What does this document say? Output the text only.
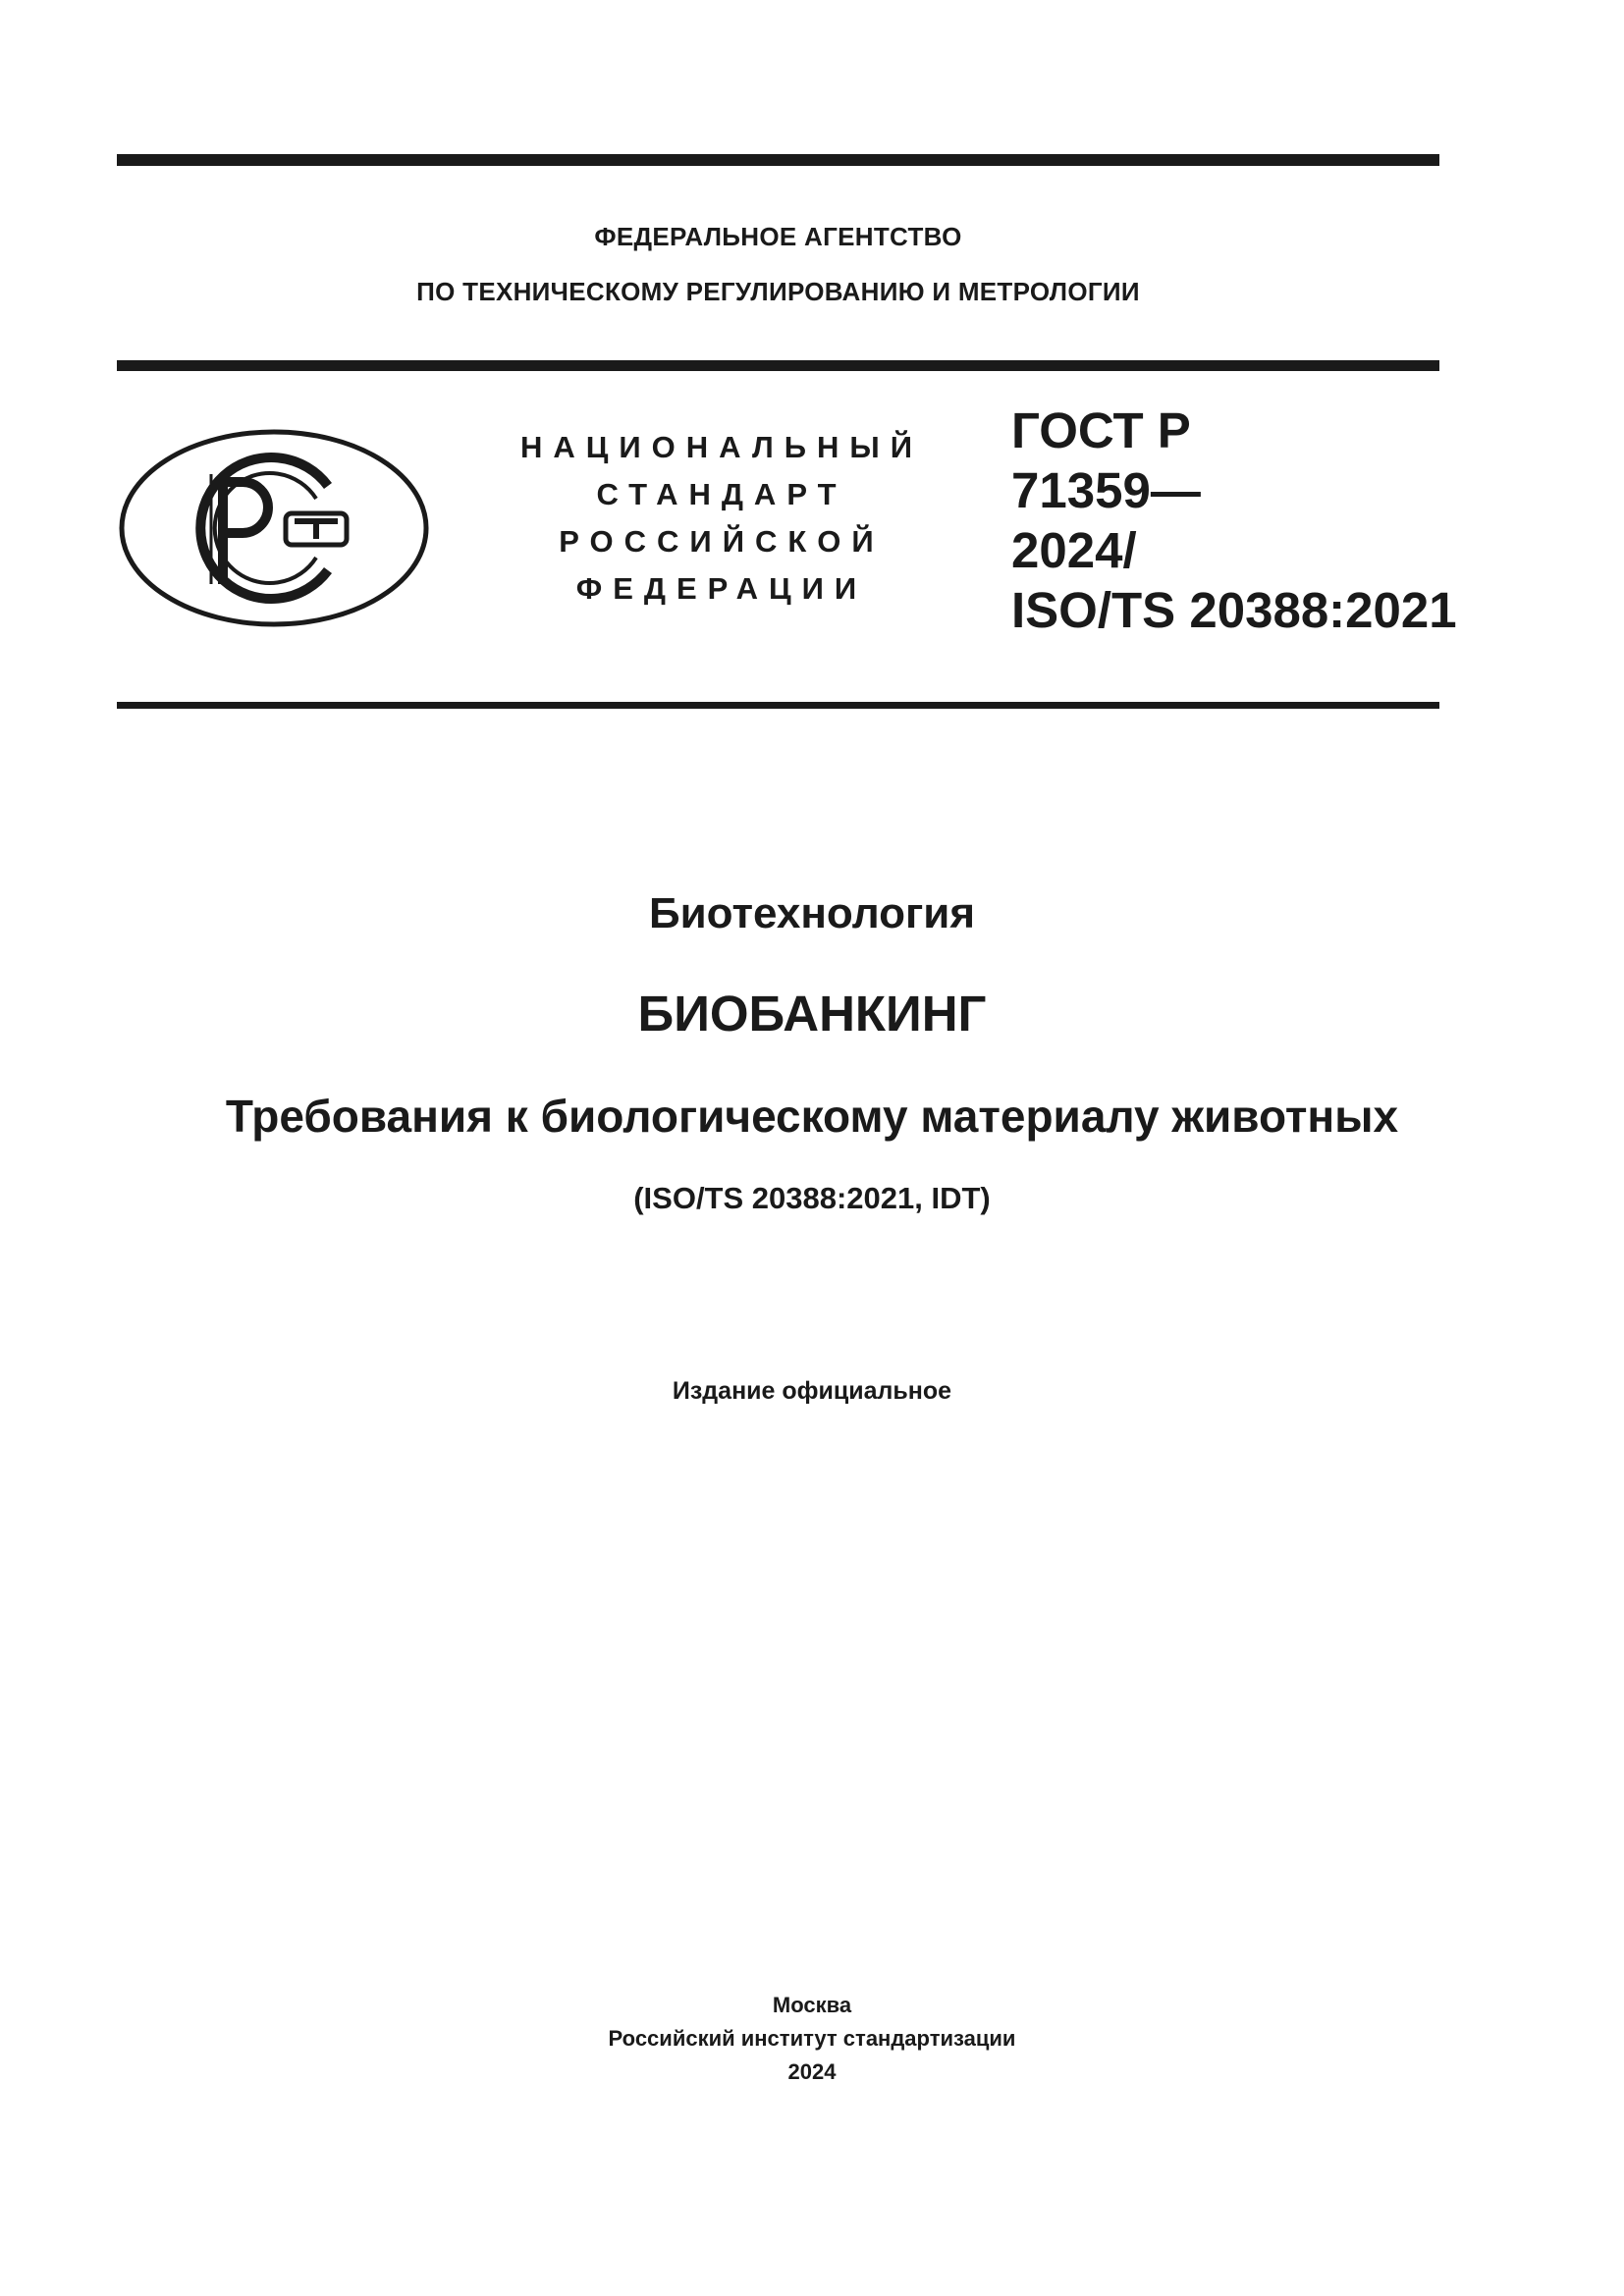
ФЕДЕРАЛЬНОЕ АГЕНТСТВО
ПО ТЕХНИЧЕСКОМУ РЕГУЛИРОВАНИЮ И МЕТРОЛОГИИ
НАЦИОНАЛЬНЫЙ
СТАНДАРТ
РОССИЙСКОЙ
ФЕДЕРАЦИИ
ГОСТ Р
71359—
2024/
ISO/TS 20388:2021
Биотехнология
БИОБАНКИНГ
Требования к биологическому материалу животных
(ISO/TS 20388:2021, IDT)
Издание официальное
Москва
Российский институт стандартизации
2024
